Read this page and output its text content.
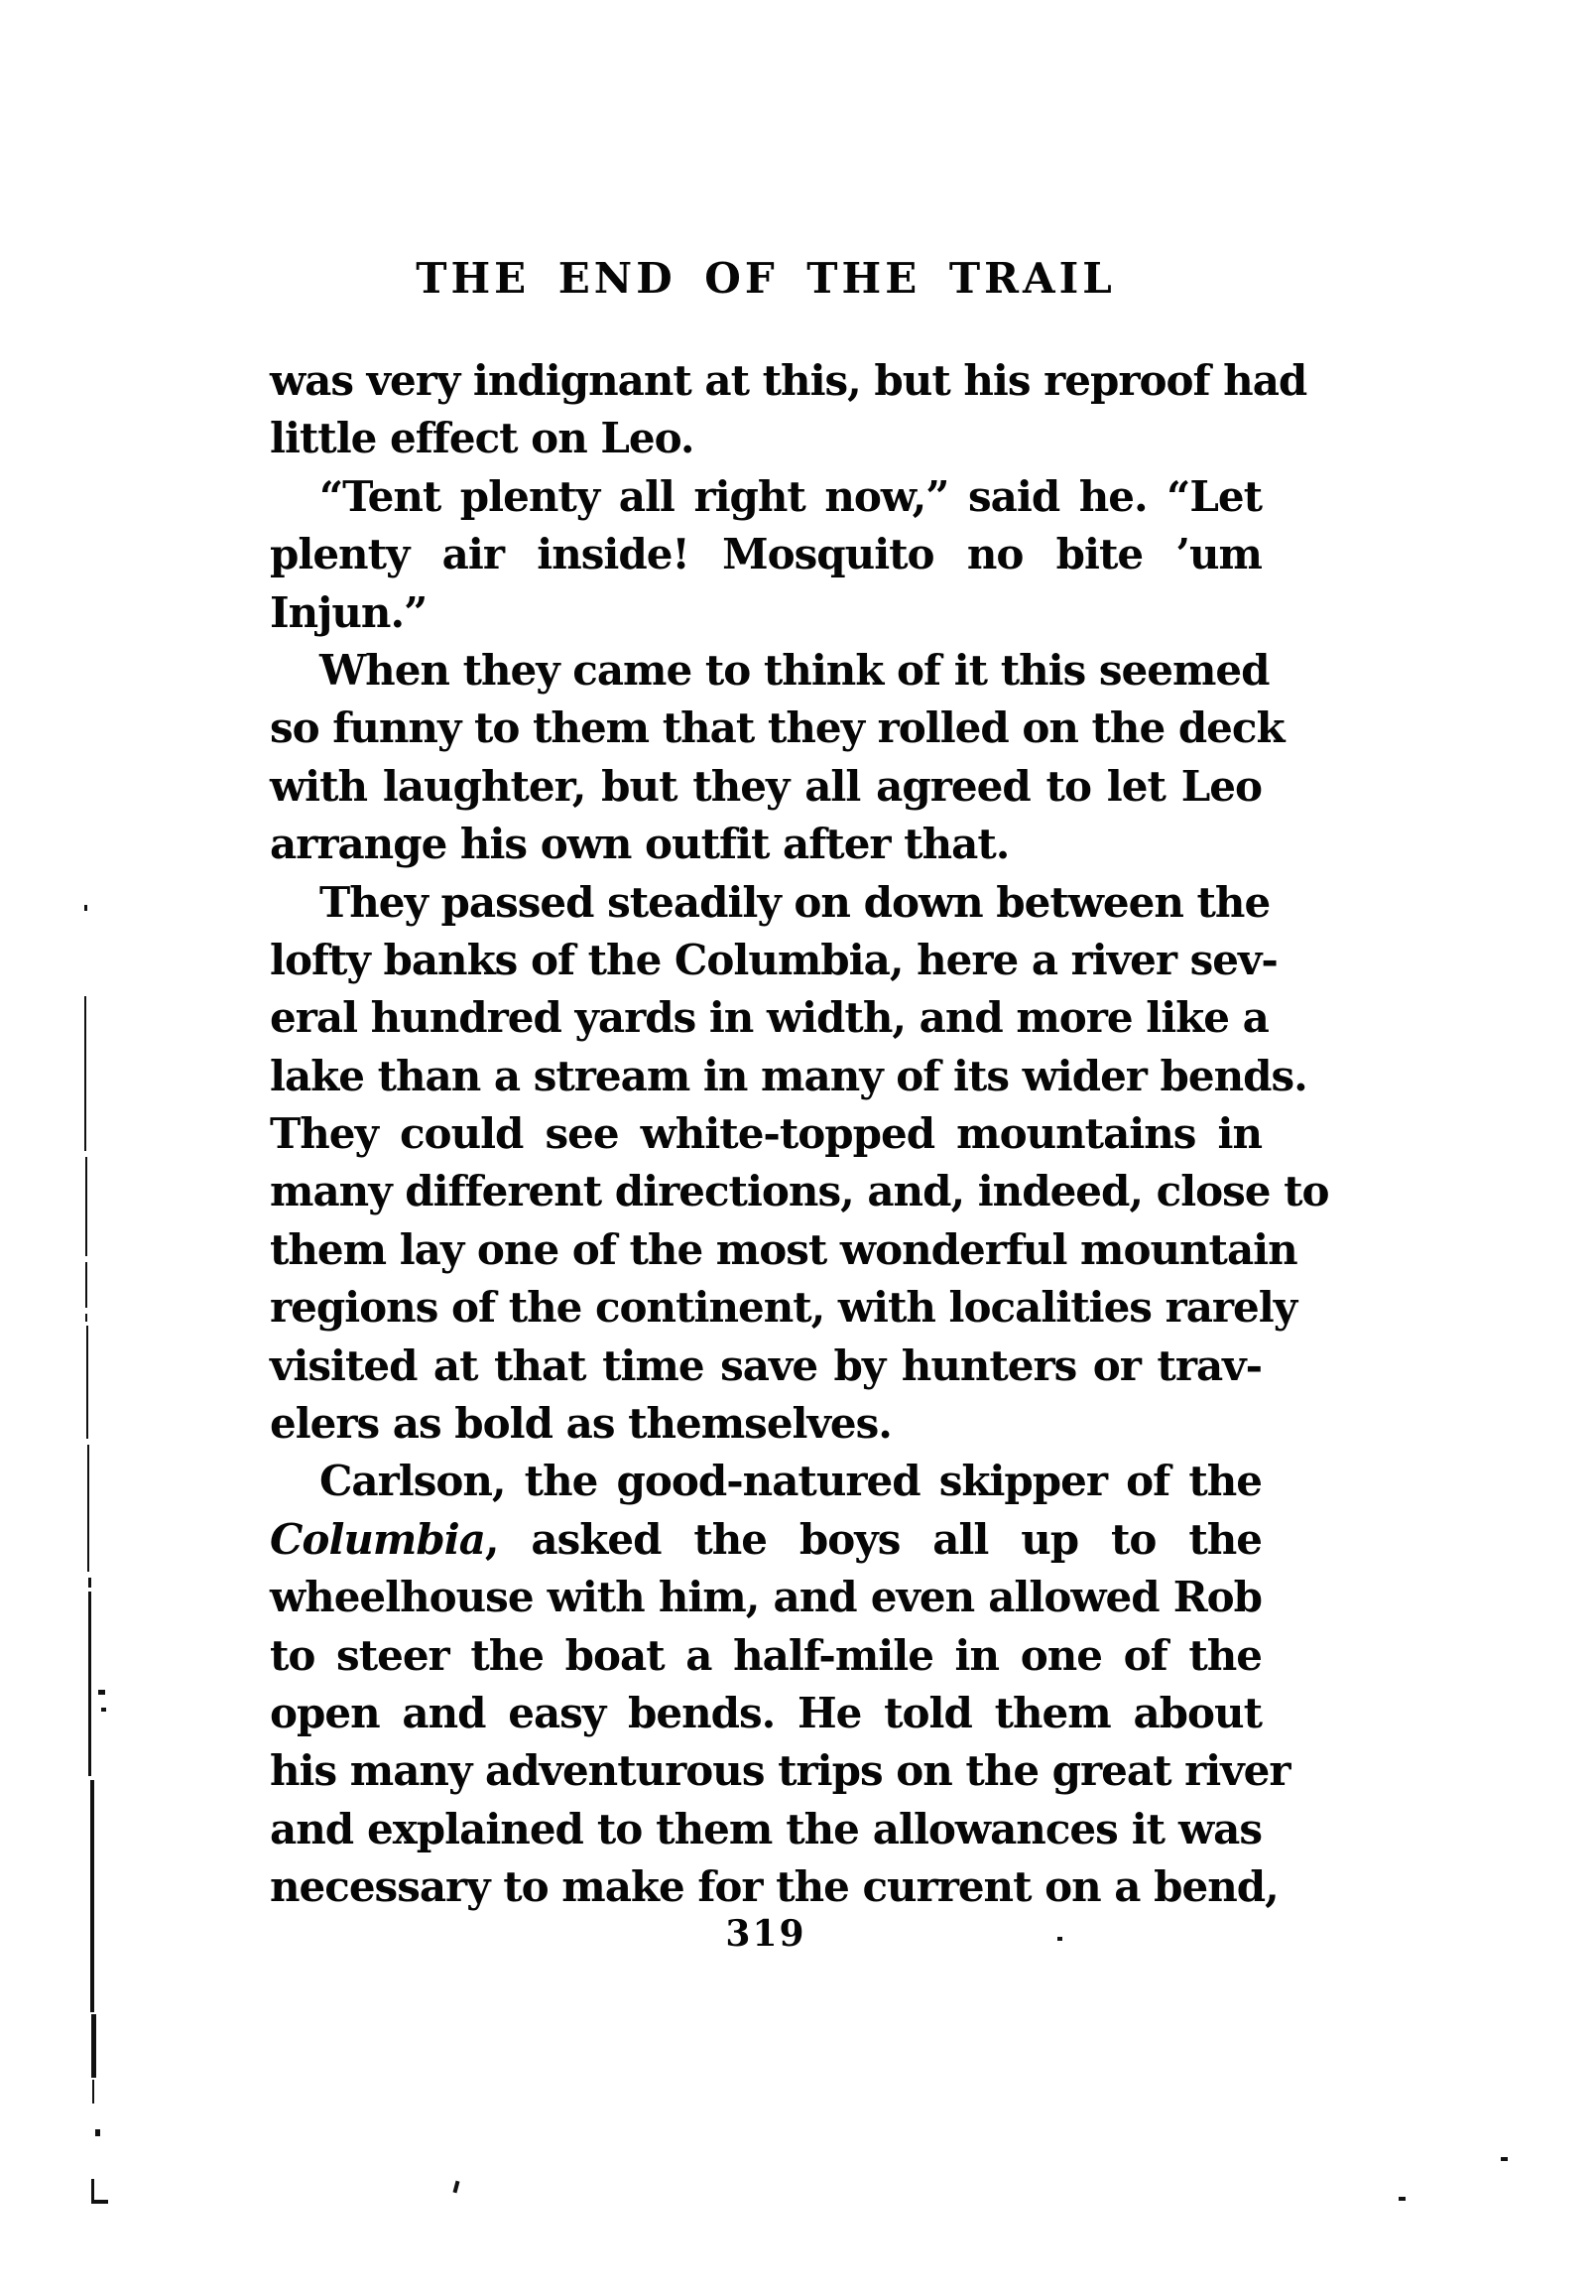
THE END OF THE TRAIL
was very indignant at this, but his reproof had
little effect on Leo.
“Tent plenty all right now,” said he. “Let
plenty air inside! Mosquito no bite ’um
Injun.”
When they came to think of it this seemed
so funny to them that they rolled on the deck
with laughter, but they all agreed to let Leo
arrange his own outfit after that.
They passed steadily on down between the
lofty banks of the Columbia, here a river sev-
eral hundred yards in width, and more like a
lake than a stream in many of its wider bends.
They could see white-topped mountains in
many different directions, and, indeed, close to
them lay one of the most wonderful mountain
regions of the continent, with localities rarely
visited at that time save by hunters or trav-
elers as bold as themselves.
Carlson, the good-natured skipper of the
Columbia, asked the boys all up to the
wheelhouse with him, and even allowed Rob
to steer the boat a half-mile in one of the
open and easy bends. He told them about
his many adventurous trips on the great river
and explained to them the allowances it was
necessary to make for the current on a bend,
319
